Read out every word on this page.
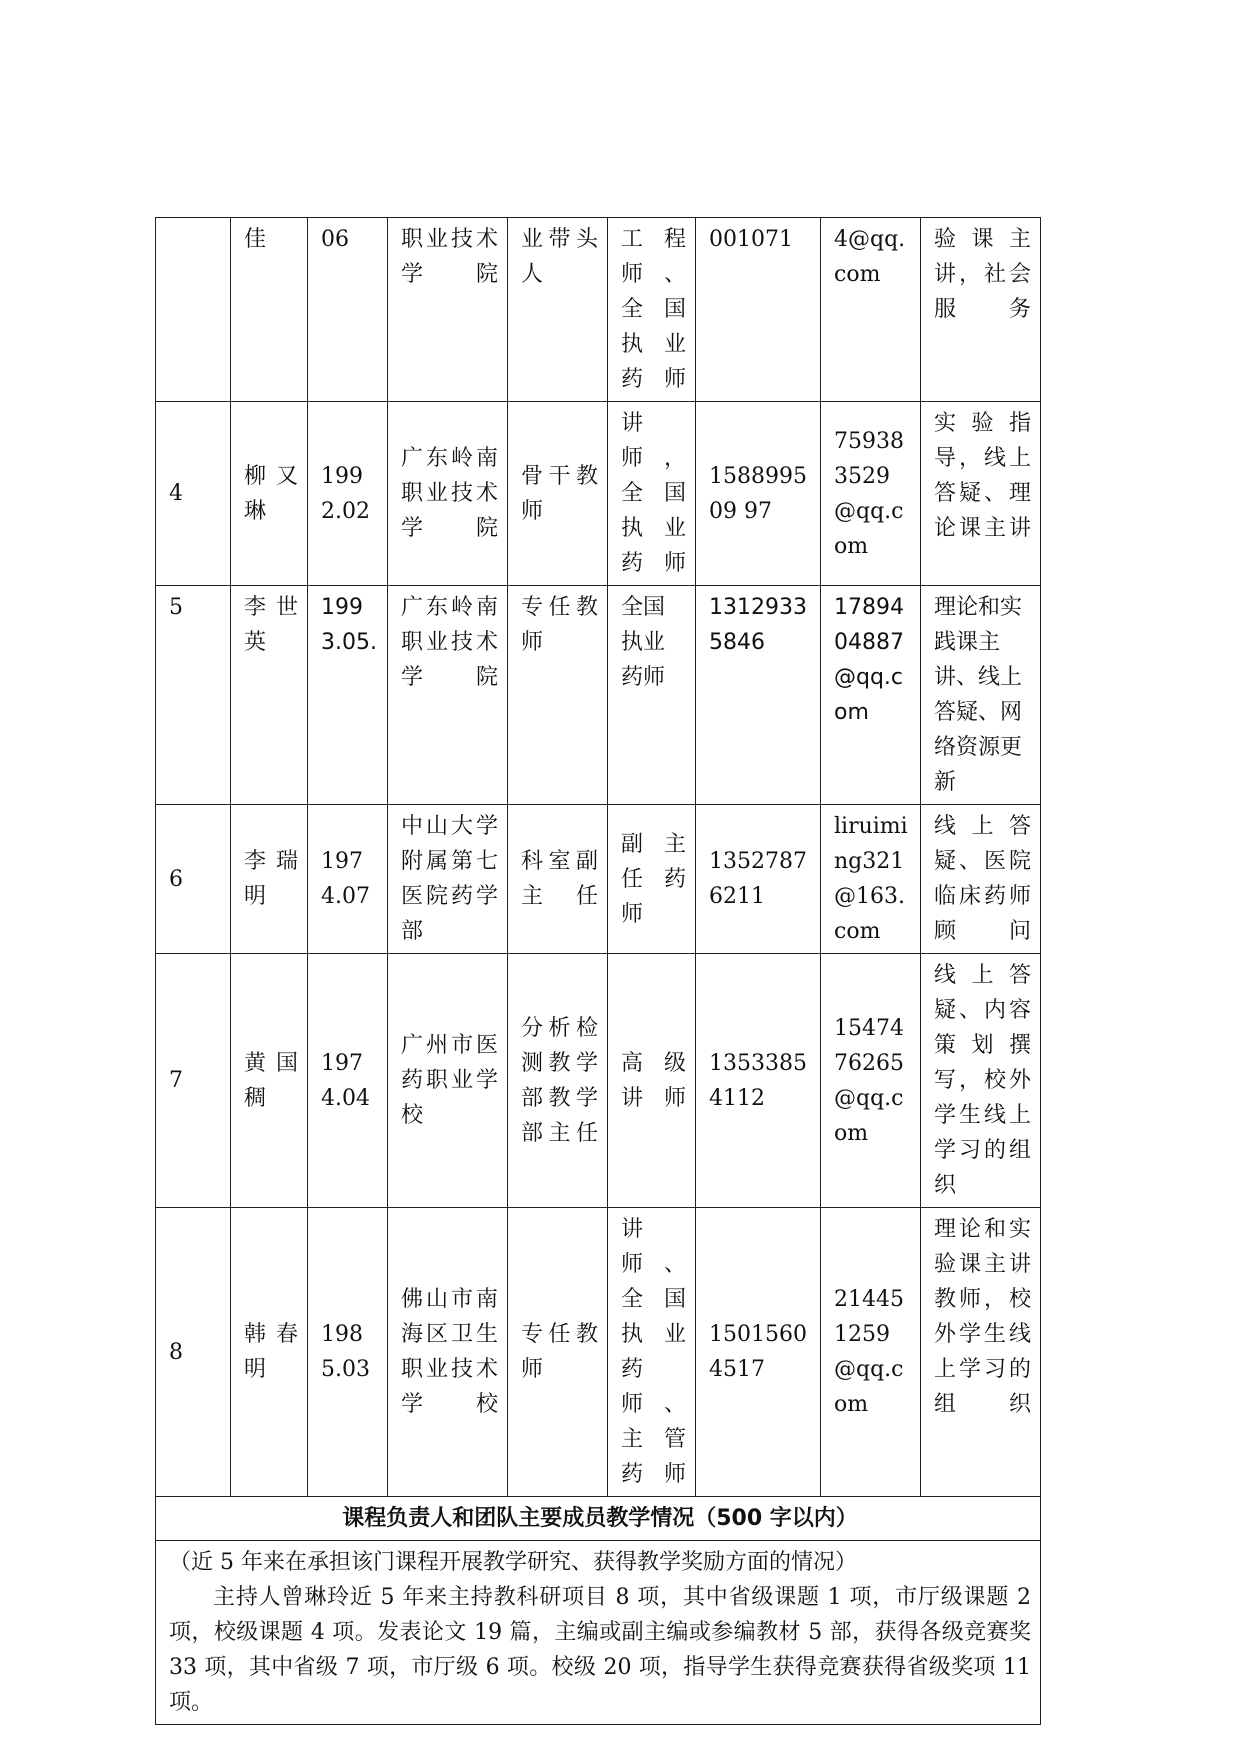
	佳	06	职业技术学院	业带头人	工程师、全国执业药师	001071	4@qq.com	验课主讲，社会服务
4	柳又琳	1992.02	广东岭南职业技术学院	骨干教师	讲师，全国执业药师	158899509 97	759383529@qq.com	实验指导，线上答疑、理论课主讲
5	李世英	1993.05.	广东岭南职业技术学院	专任教师	全国执业药师	13129335846	1789404887@qq.com	理论和实践课主讲、线上答疑、网络资源更新
6	李瑞明	1974.07	中山大学附属第七医院药学部	科室副主任	副主任药师	13527876211	liruiming321@163.com	线上答疑、医院临床药师顾问
7	黄国稠	1974.04	广州市医药职业学校	分析检测教学部教学部主任	高级讲师	13533854112	1547476265@qq.com	线上答疑、内容策划撰写，校外学生线上学习的组织
8	韩春明	1985.03	佛山市南海区卫生职业技术学校	专任教师	讲师、全国执业药师、主管药师	15015604517	214451259@qq.com	理论和实验课主讲教师，校外学生线上学习的组织
课程负责人和团队主要成员教学情况（500 字以内）								

（近 5 年来在承担该门课程开展教学研究、获得教学奖励方面的情况）
主持人曾琳玲近 5 年来主持教科研项目 8 项，其中省级课题 1 项，市厅级课题 2 项，校级课题 4 项。发表论文 19 篇，主编或副主编或参编教材 5 部，获得各级竞赛奖 33 项，其中省级 7 项，市厅级 6 项。校级 20 项，指导学生获得竞赛获得省级奖项 11 项。								
